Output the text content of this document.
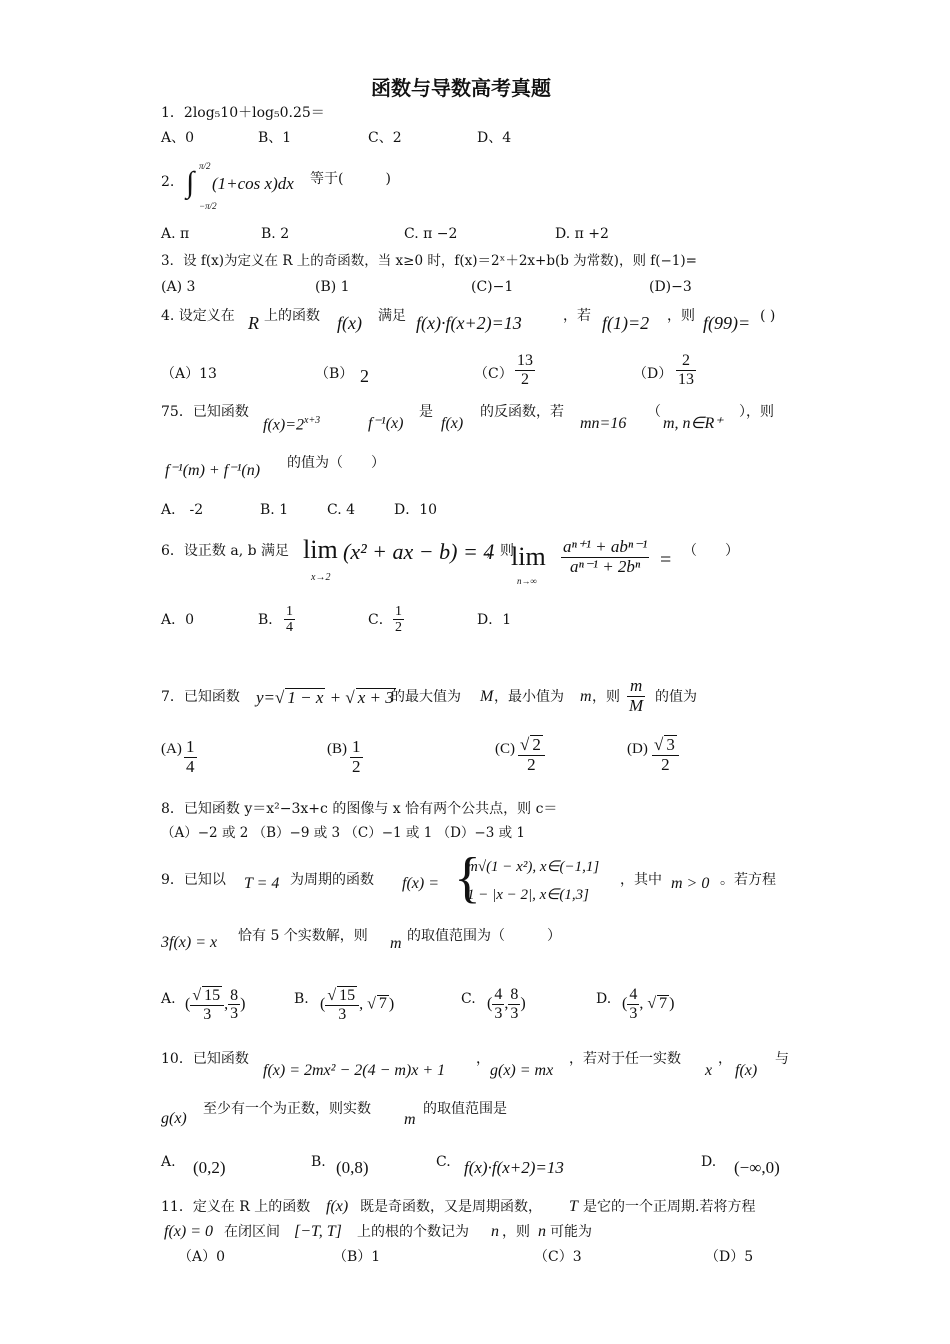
函数与导数高考真题
1．2log₅10＋log₅0.25＝
A、0	B、1	C、2	D、4
2. ∫ π/2
−π/2
(1+cos x)dx 等于(　　　)
A. π	B. 2	C. π −2	D. π +2
3．设 f(x)为定义在 R 上的奇函数，当 x≥0 时，f(x)＝2ˣ＋2x+b(b 为常数)，则 f(−1)=
(A) 3	(B) 1	(C)−1	(D)−3
4. 设定义在 R 上的函数 f(x) 满足 f(x)·f(x+2)=13	，若 f(1)=2 ，则 f(99)= ( )
（A）13	（B） 2	$(C) \frac{13}{2}$	$(D) \frac{2}{13}$
75．已知函数
$f(x)=2^{x+3}$	f⁻¹(x)
是
f(x)
的反函数，若
mn=16
（
m, n∈R⁺
），则
f⁻¹(m) + f⁻¹(n) 的值为（　　）
A． -2	B. 1	C. 4	D．10
6．设正数 a, b 满足 lim
x→2
(x² + ax − b) = 4
，则
lim
n→∞
$\frac{\text{aⁿ⁺¹ + abⁿ⁻¹}}{\text{aⁿ⁻¹ + 2bⁿ}}$ = （　　）
A．0	B． $\frac{1}{4}$	C． $\frac{1}{2}$	D．1
7．已知函数 y=√ 1 − x + √ x + 3
的最大值为 M ，最小值为 m ，则 $\frac{m}{M}$ 的值为
$(A) \frac{1}{4}$	$(B) \frac{1}{2}$	$(C) \frac{√ 2}{2}$	$(D) \frac{√ 3}{2}$
8．已知函数 y＝x²−3x+c 的图像与 x 恰有两个公共点，则 c＝
（A）−2 或 2 （B）−9 或 3 （C）−1 或 1 （D）−3 或 1
9．已知以 T = 4 为周期的函数 f(x) = {
m√(1 − x²), x∈(−1,1]
1 − |x − 2|, x∈(1,3]
，其中 m > 0 。若方程
3f(x) = x 恰有 5 个实数解，则 m 的取值范围为（　　　）
A. ( $\frac{√ 15}{3}$ , $\frac{8}{3}$ )	B. ( $\frac{√ 15}{3}$ , √ 7 )	C. ( $\frac{4}{3}$ , $\frac{8}{3}$ )	D. ( $\frac{4}{3}$ , √ 7 )
10．已知函数
f(x) = 2mx² − 2(4 − m)x + 1
，
g(x) = mx
，若对于任一实数
x
，
f(x)
与
g(x)
至少有一个为正数，则实数
m
的取值范围是
A. (0,2)	B. (0,8)	C. f(x)·f(x+2)=13	D. (−∞,0)
11．定义在 R 上的函数 f(x) 既是奇函数，又是周期函数， T 是它的一个正周期.若将方程
f(x) = 0 在闭区间 [−T, T] 上的根的个数记为 n ，则 n 可能为
（A）0	（B）1	（C）3	（D）5
